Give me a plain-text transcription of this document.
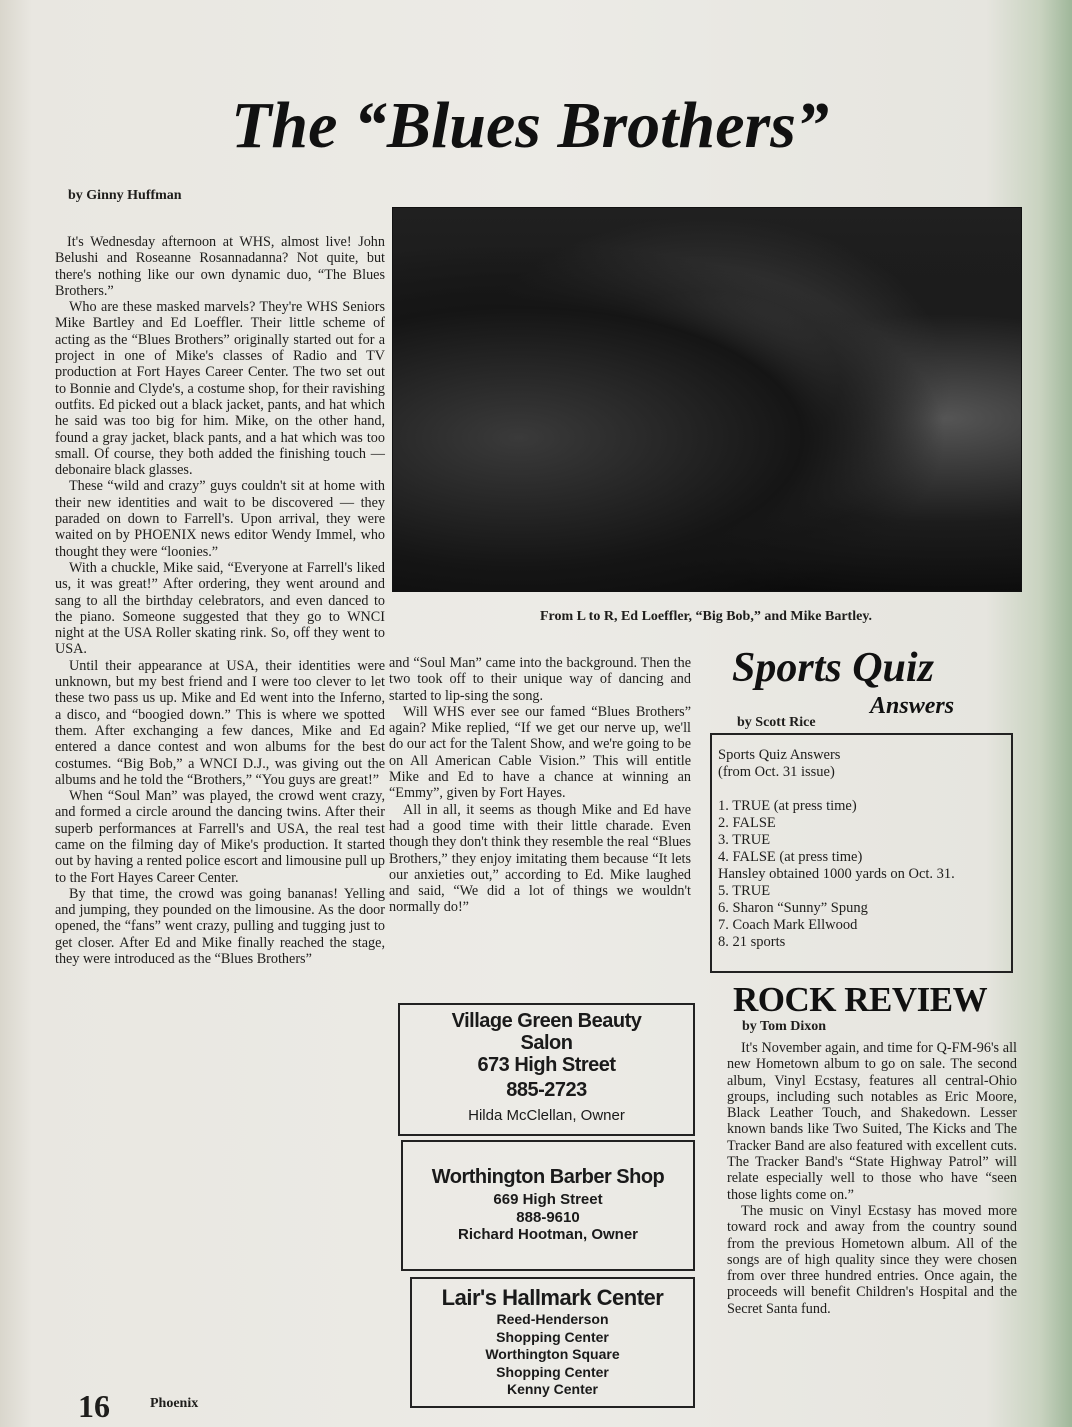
The “Blues Brothers”
by Ginny Huffman

It's Wednesday afternoon at WHS, almost live! John Belushi and Roseanne Rosannadanna? Not quite, but there's nothing like our own dynamic duo, “The Blues Brothers.”

Who are these masked marvels? They're WHS Seniors Mike Bartley and Ed Loeffler. Their little scheme of acting as the “Blues Brothers” originally started out for a project in one of Mike's classes of Radio and TV production at Fort Hayes Career Center. The two set out to Bonnie and Clyde's, a costume shop, for their ravishing outfits. Ed picked out a black jacket, pants, and hat which he said was too big for him. Mike, on the other hand, found a gray jacket, black pants, and a hat which was too small. Of course, they both added the finishing touch — debonaire black glasses.

These “wild and crazy” guys couldn't sit at home with their new identities and wait to be discovered — they paraded on down to Farrell's. Upon arrival, they were waited on by PHOENIX news editor Wendy Immel, who thought they were “loonies.”

With a chuckle, Mike said, “Everyone at Farrell's liked us, it was great!” After ordering, they went around and sang to all the birthday celebrators, and even danced to the piano. Someone suggested that they go to WNCI night at the USA Roller skating rink. So, off they went to USA.

Until their appearance at USA, their identities were unknown, but my best friend and I were too clever to let these two pass us up. Mike and Ed went into the Inferno, a disco, and “boogied down.” This is where we spotted them. After exchanging a few dances, Mike and Ed entered a dance contest and won albums for the best costumes. “Big Bob,” a WNCI D.J., was giving out the albums and he told the “Brothers,” “You guys are great!”

When “Soul Man” was played, the crowd went crazy, and formed a circle around the dancing twins. After their superb performances at Farrell's and USA, the real test came on the filming day of Mike's production. It started out by having a rented police escort and limousine pull up to the Fort Hayes Career Center.

By that time, the crowd was going bananas! Yelling and jumping, they pounded on the limousine. As the door opened, the “fans” went crazy, pulling and tugging just to get closer. After Ed and Mike finally reached the stage, they were introduced as the “Blues Brothers”

From L to R, Ed Loeffler, “Big Bob,” and Mike Bartley.

and “Soul Man” came into the background. Then the two took off to their unique way of dancing and started to lip-sing the song.

Will WHS ever see our famed “Blues Brothers” again? Mike replied, “If we get our nerve up, we'll do our act for the Talent Show, and we're going to be on All American Cable Vision.” This will entitle Mike and Ed to have a chance at winning an “Emmy”, given by Fort Hayes.

All in all, it seems as though Mike and Ed have had a good time with their little charade. Even though they don't think they resemble the real “Blues Brothers,” they enjoy imitating them because “It lets our anxieties out,” according to Ed. Mike laughed and said, “We did a lot of things we wouldn't normally do!”

Sports Quiz
Answers
by Scott Rice
Sports Quiz Answers
(from Oct. 31 issue)
1. TRUE (at press time)
2. FALSE
3. TRUE
4. FALSE (at press time)
Hansley obtained 1000 yards on Oct. 31.
5. TRUE
6. Sharon “Sunny” Spung
7. Coach Mark Ellwood
8. 21 sports
ROCK REVIEW
by Tom Dixon

It's November again, and time for Q-FM-96's all new Hometown album to go on sale. The second album, Vinyl Ecstasy, features all central-Ohio groups, including such notables as Eric Moore, Black Leather Touch, and Shakedown. Lesser known bands like Two Suited, The Kicks and The Tracker Band are also featured with excellent cuts. The Tracker Band's “State Highway Patrol” will relate especially well to those who have “seen those lights come on.”

The music on Vinyl Ecstasy has moved more toward rock and away from the country sound from the previous Hometown album. All of the songs are of high quality since they were chosen from over three hundred entries. Once again, the proceeds will benefit Children's Hospital and the Secret Santa fund.

Village Green Beauty
Salon
673 High Street
885-2723
Hilda McClellan, Owner
Worthington Barber Shop
669 High Street
888-9610
Richard Hootman, Owner
Lair's Hallmark Center
Reed-Henderson
Shopping Center
Worthington Square
Shopping Center
Kenny Center
16	Phoenix
